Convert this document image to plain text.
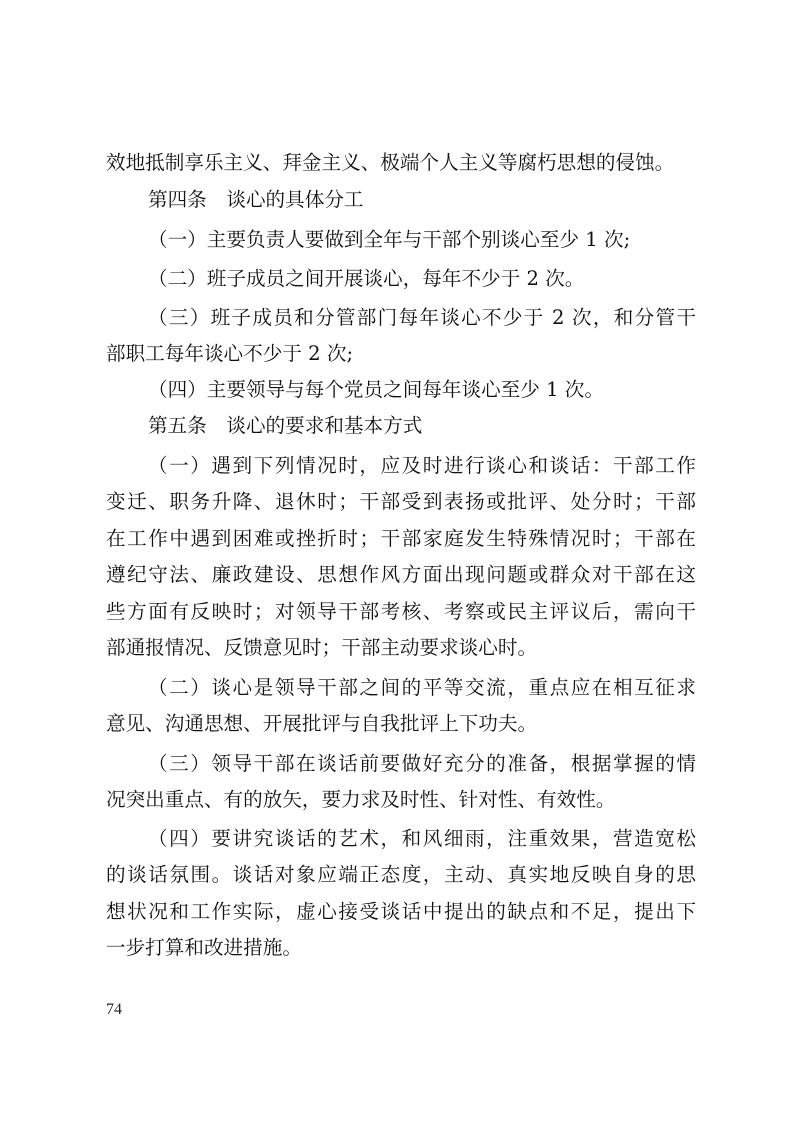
效地抵制享乐主义、拜金主义、极端个人主义等腐朽思想的侵蚀。
第四条　谈心的具体分工
（一）主要负责人要做到全年与干部个别谈心至少 1 次;
（二）班子成员之间开展谈心，每年不少于 2 次。
（三）班子成员和分管部门每年谈心不少于 2 次，和分管干
部职工每年谈心不少于 2 次;
（四）主要领导与每个党员之间每年谈心至少 1 次。
第五条　谈心的要求和基本方式
（一）遇到下列情况时，应及时进行谈心和谈话：干部工作
变迁、职务升降、退休时；干部受到表扬或批评、处分时；干部
在工作中遇到困难或挫折时；干部家庭发生特殊情况时；干部在
遵纪守法、廉政建设、思想作风方面出现问题或群众对干部在这
些方面有反映时；对领导干部考核、考察或民主评议后，需向干
部通报情况、反馈意见时；干部主动要求谈心时。
（二）谈心是领导干部之间的平等交流，重点应在相互征求
意见、沟通思想、开展批评与自我批评上下功夫。
（三）领导干部在谈话前要做好充分的准备，根据掌握的情
况突出重点、有的放矢，要力求及时性、针对性、有效性。
（四）要讲究谈话的艺术，和风细雨，注重效果，营造宽松
的谈话氛围。谈话对象应端正态度，主动、真实地反映自身的思
想状况和工作实际，虚心接受谈话中提出的缺点和不足，提出下
一步打算和改进措施。
74
